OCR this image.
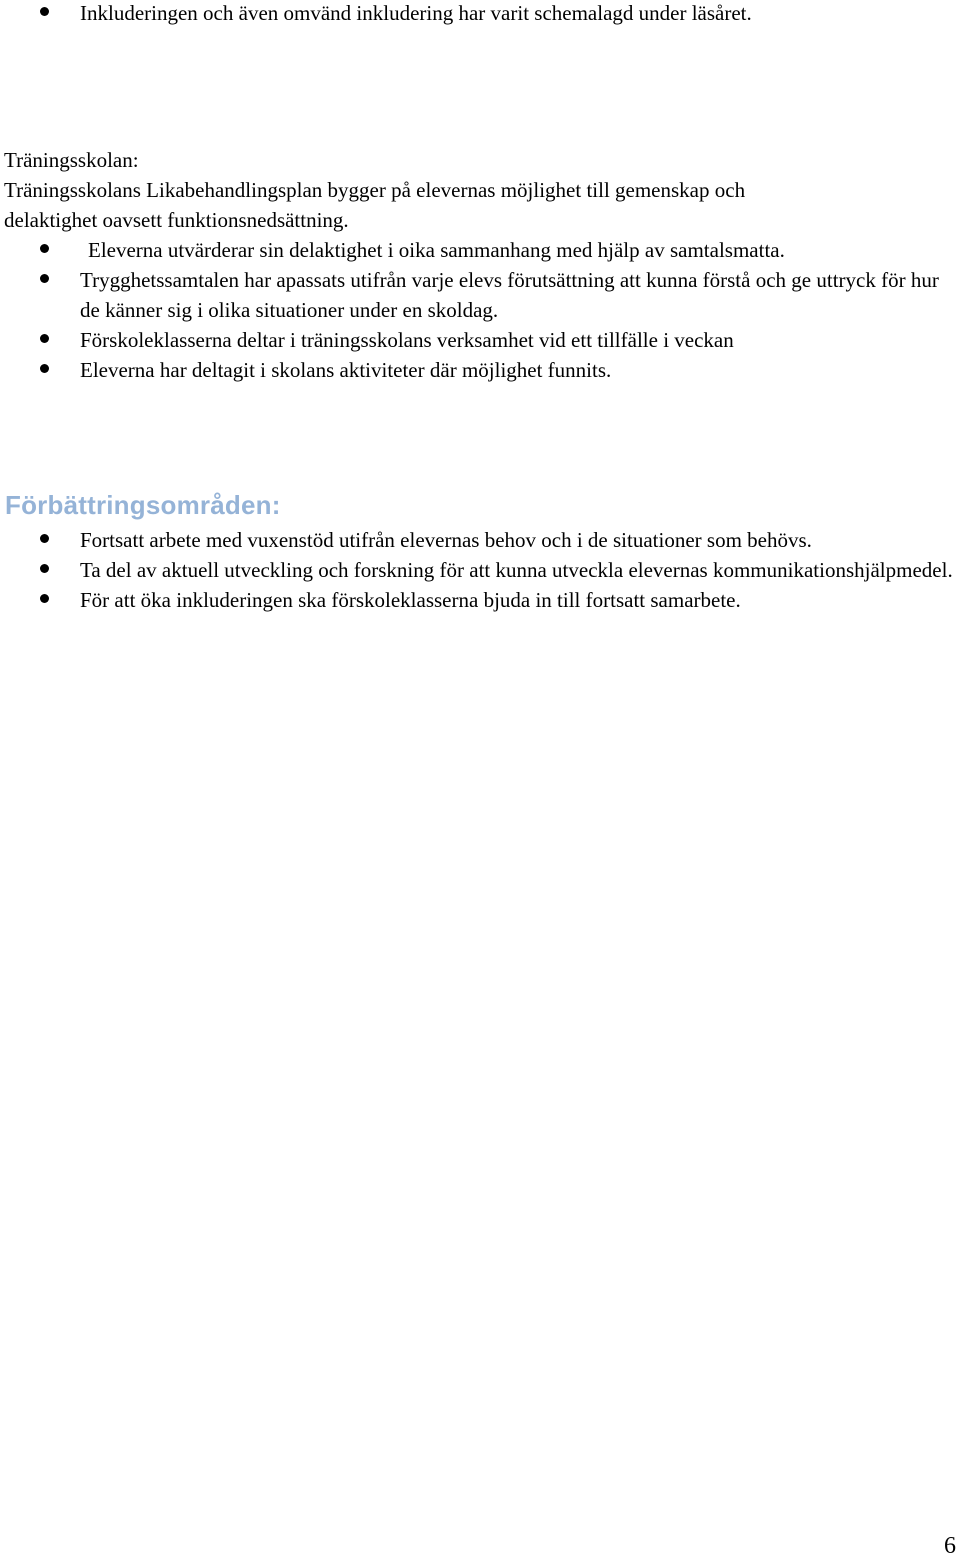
Inkluderingen och även omvänd inkludering har varit schemalagd under läsåret.
Träningsskolan:
Träningsskolans Likabehandlingsplan bygger på elevernas möjlighet till gemenskap och
delaktighet oavsett funktionsnedsättning.
Eleverna utvärderar sin delaktighet i oika sammanhang med hjälp av samtalsmatta.
Trygghetssamtalen har apassats utifrån varje elevs förutsättning att kunna förstå och ge uttryck för hur de känner sig i olika situationer under en skoldag.
Förskoleklasserna deltar i träningsskolans verksamhet vid ett tillfälle i veckan
Eleverna har deltagit i skolans aktiviteter där möjlighet funnits.
Förbättringsområden:
Fortsatt arbete med vuxenstöd utifrån elevernas behov och i de situationer som behövs.
Ta del av aktuell utveckling och forskning för att kunna utveckla elevernas kommunikationshjälpmedel.
För att öka inkluderingen ska förskoleklasserna bjuda in till fortsatt samarbete.
6
